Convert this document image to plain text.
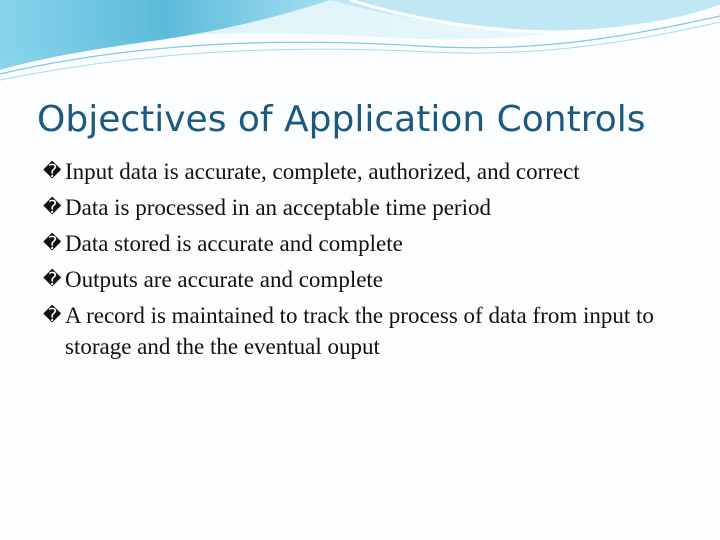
Objectives of Application Controls
� Input data is accurate, complete, authorized, and correct
� Data is processed in an acceptable time period
� Data stored is accurate and complete
� Outputs are accurate and complete
� A record is maintained to track the process of data from input to storage and the the eventual ouput
